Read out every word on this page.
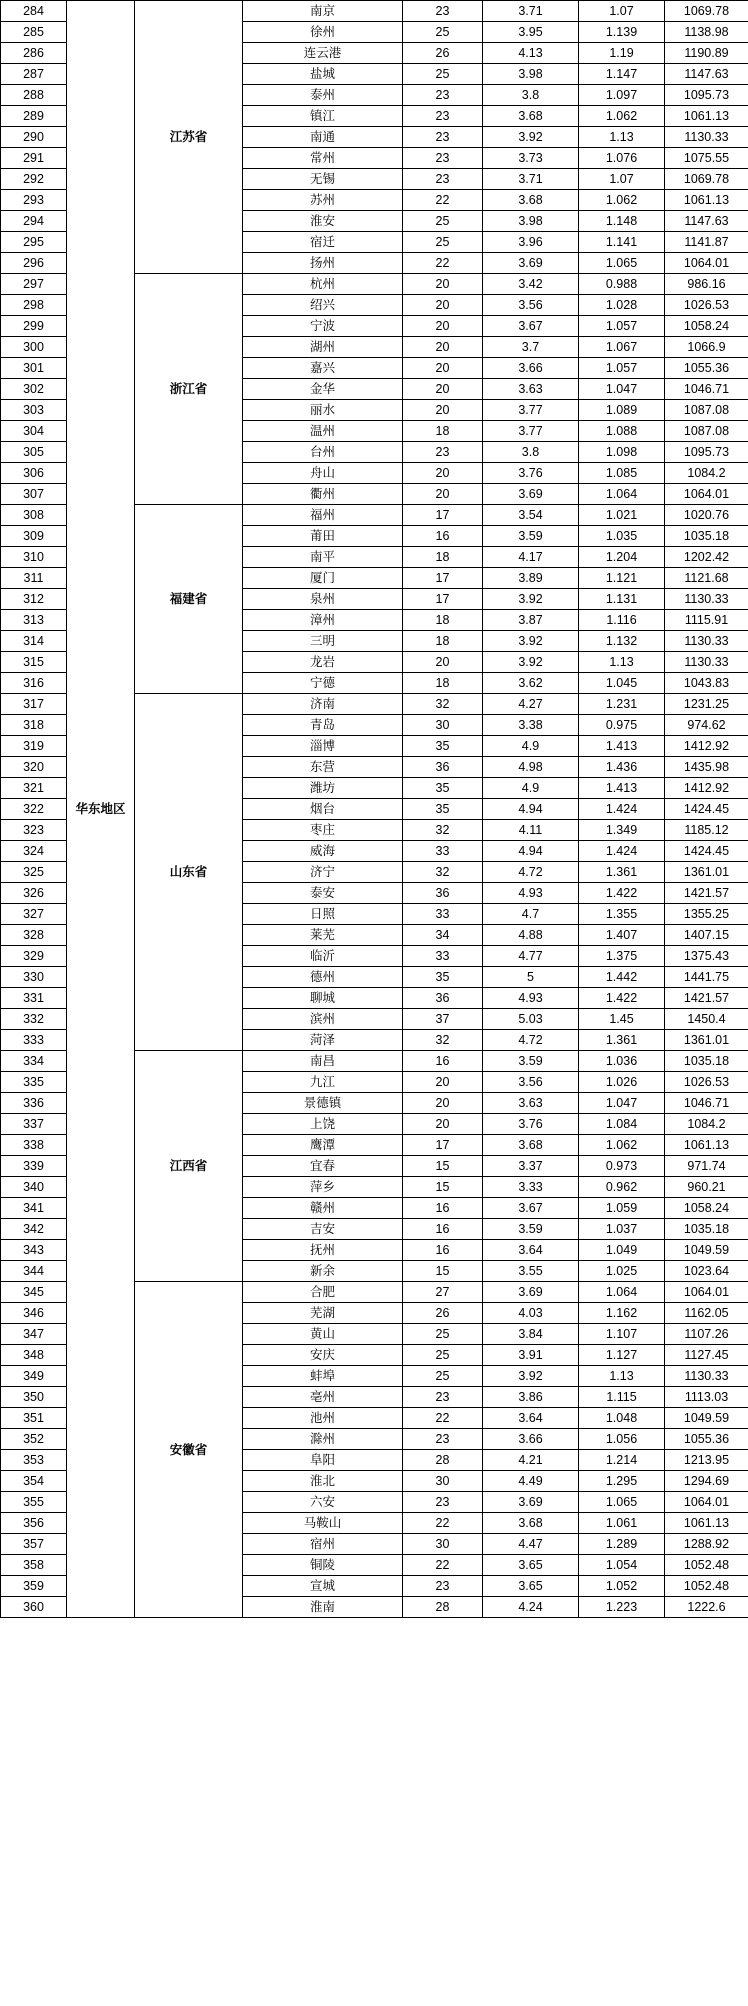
284	华东地区	江苏省	南京	23	3.71	1.07	1069.78
285			徐州	25	3.95	1.139	1138.98
286			连云港	26	4.13	1.19	1190.89
287			盐城	25	3.98	1.147	1147.63
288			泰州	23	3.8	1.097	1095.73
289			镇江	23	3.68	1.062	1061.13
290			南通	23	3.92	1.13	1130.33
291			常州	23	3.73	1.076	1075.55
292			无锡	23	3.71	1.07	1069.78
293			苏州	22	3.68	1.062	1061.13
294			淮安	25	3.98	1.148	1147.63
295			宿迁	25	3.96	1.141	1141.87
296			扬州	22	3.69	1.065	1064.01
297		浙江省	杭州	20	3.42	0.988	986.16
298			绍兴	20	3.56	1.028	1026.53
299			宁波	20	3.67	1.057	1058.24
300			湖州	20	3.7	1.067	1066.9
301			嘉兴	20	3.66	1.057	1055.36
302			金华	20	3.63	1.047	1046.71
303			丽水	20	3.77	1.089	1087.08
304			温州	18	3.77	1.088	1087.08
305			台州	23	3.8	1.098	1095.73
306			舟山	20	3.76	1.085	1084.2
307			衢州	20	3.69	1.064	1064.01
308		福建省	福州	17	3.54	1.021	1020.76
309			莆田	16	3.59	1.035	1035.18
310			南平	18	4.17	1.204	1202.42
311			厦门	17	3.89	1.121	1121.68
312			泉州	17	3.92	1.131	1130.33
313			漳州	18	3.87	1.116	1115.91
314			三明	18	3.92	1.132	1130.33
315			龙岩	20	3.92	1.13	1130.33
316			宁德	18	3.62	1.045	1043.83
317		山东省	济南	32	4.27	1.231	1231.25
318			青岛	30	3.38	0.975	974.62
319			淄博	35	4.9	1.413	1412.92
320			东营	36	4.98	1.436	1435.98
321			潍坊	35	4.9	1.413	1412.92
322			烟台	35	4.94	1.424	1424.45
323			枣庄	32	4.11	1.349	1185.12
324			威海	33	4.94	1.424	1424.45
325			济宁	32	4.72	1.361	1361.01
326			泰安	36	4.93	1.422	1421.57
327			日照	33	4.7	1.355	1355.25
328			莱芜	34	4.88	1.407	1407.15
329			临沂	33	4.77	1.375	1375.43
330			德州	35	5	1.442	1441.75
331			聊城	36	4.93	1.422	1421.57
332			滨州	37	5.03	1.45	1450.4
333			菏泽	32	4.72	1.361	1361.01
334		江西省	南昌	16	3.59	1.036	1035.18
335			九江	20	3.56	1.026	1026.53
336			景德镇	20	3.63	1.047	1046.71
337			上饶	20	3.76	1.084	1084.2
338			鹰潭	17	3.68	1.062	1061.13
339			宜春	15	3.37	0.973	971.74
340			萍乡	15	3.33	0.962	960.21
341			赣州	16	3.67	1.059	1058.24
342			吉安	16	3.59	1.037	1035.18
343			抚州	16	3.64	1.049	1049.59
344			新余	15	3.55	1.025	1023.64
345		安徽省	合肥	27	3.69	1.064	1064.01
346			芜湖	26	4.03	1.162	1162.05
347			黄山	25	3.84	1.107	1107.26
348			安庆	25	3.91	1.127	1127.45
349			蚌埠	25	3.92	1.13	1130.33
350			亳州	23	3.86	1.115	1113.03
351			池州	22	3.64	1.048	1049.59
352			滁州	23	3.66	1.056	1055.36
353			阜阳	28	4.21	1.214	1213.95
354			淮北	30	4.49	1.295	1294.69
355			六安	23	3.69	1.065	1064.01
356			马鞍山	22	3.68	1.061	1061.13
357			宿州	30	4.47	1.289	1288.92
358			铜陵	22	3.65	1.054	1052.48
359			宣城	23	3.65	1.052	1052.48
360			淮南	28	4.24	1.223	1222.6
